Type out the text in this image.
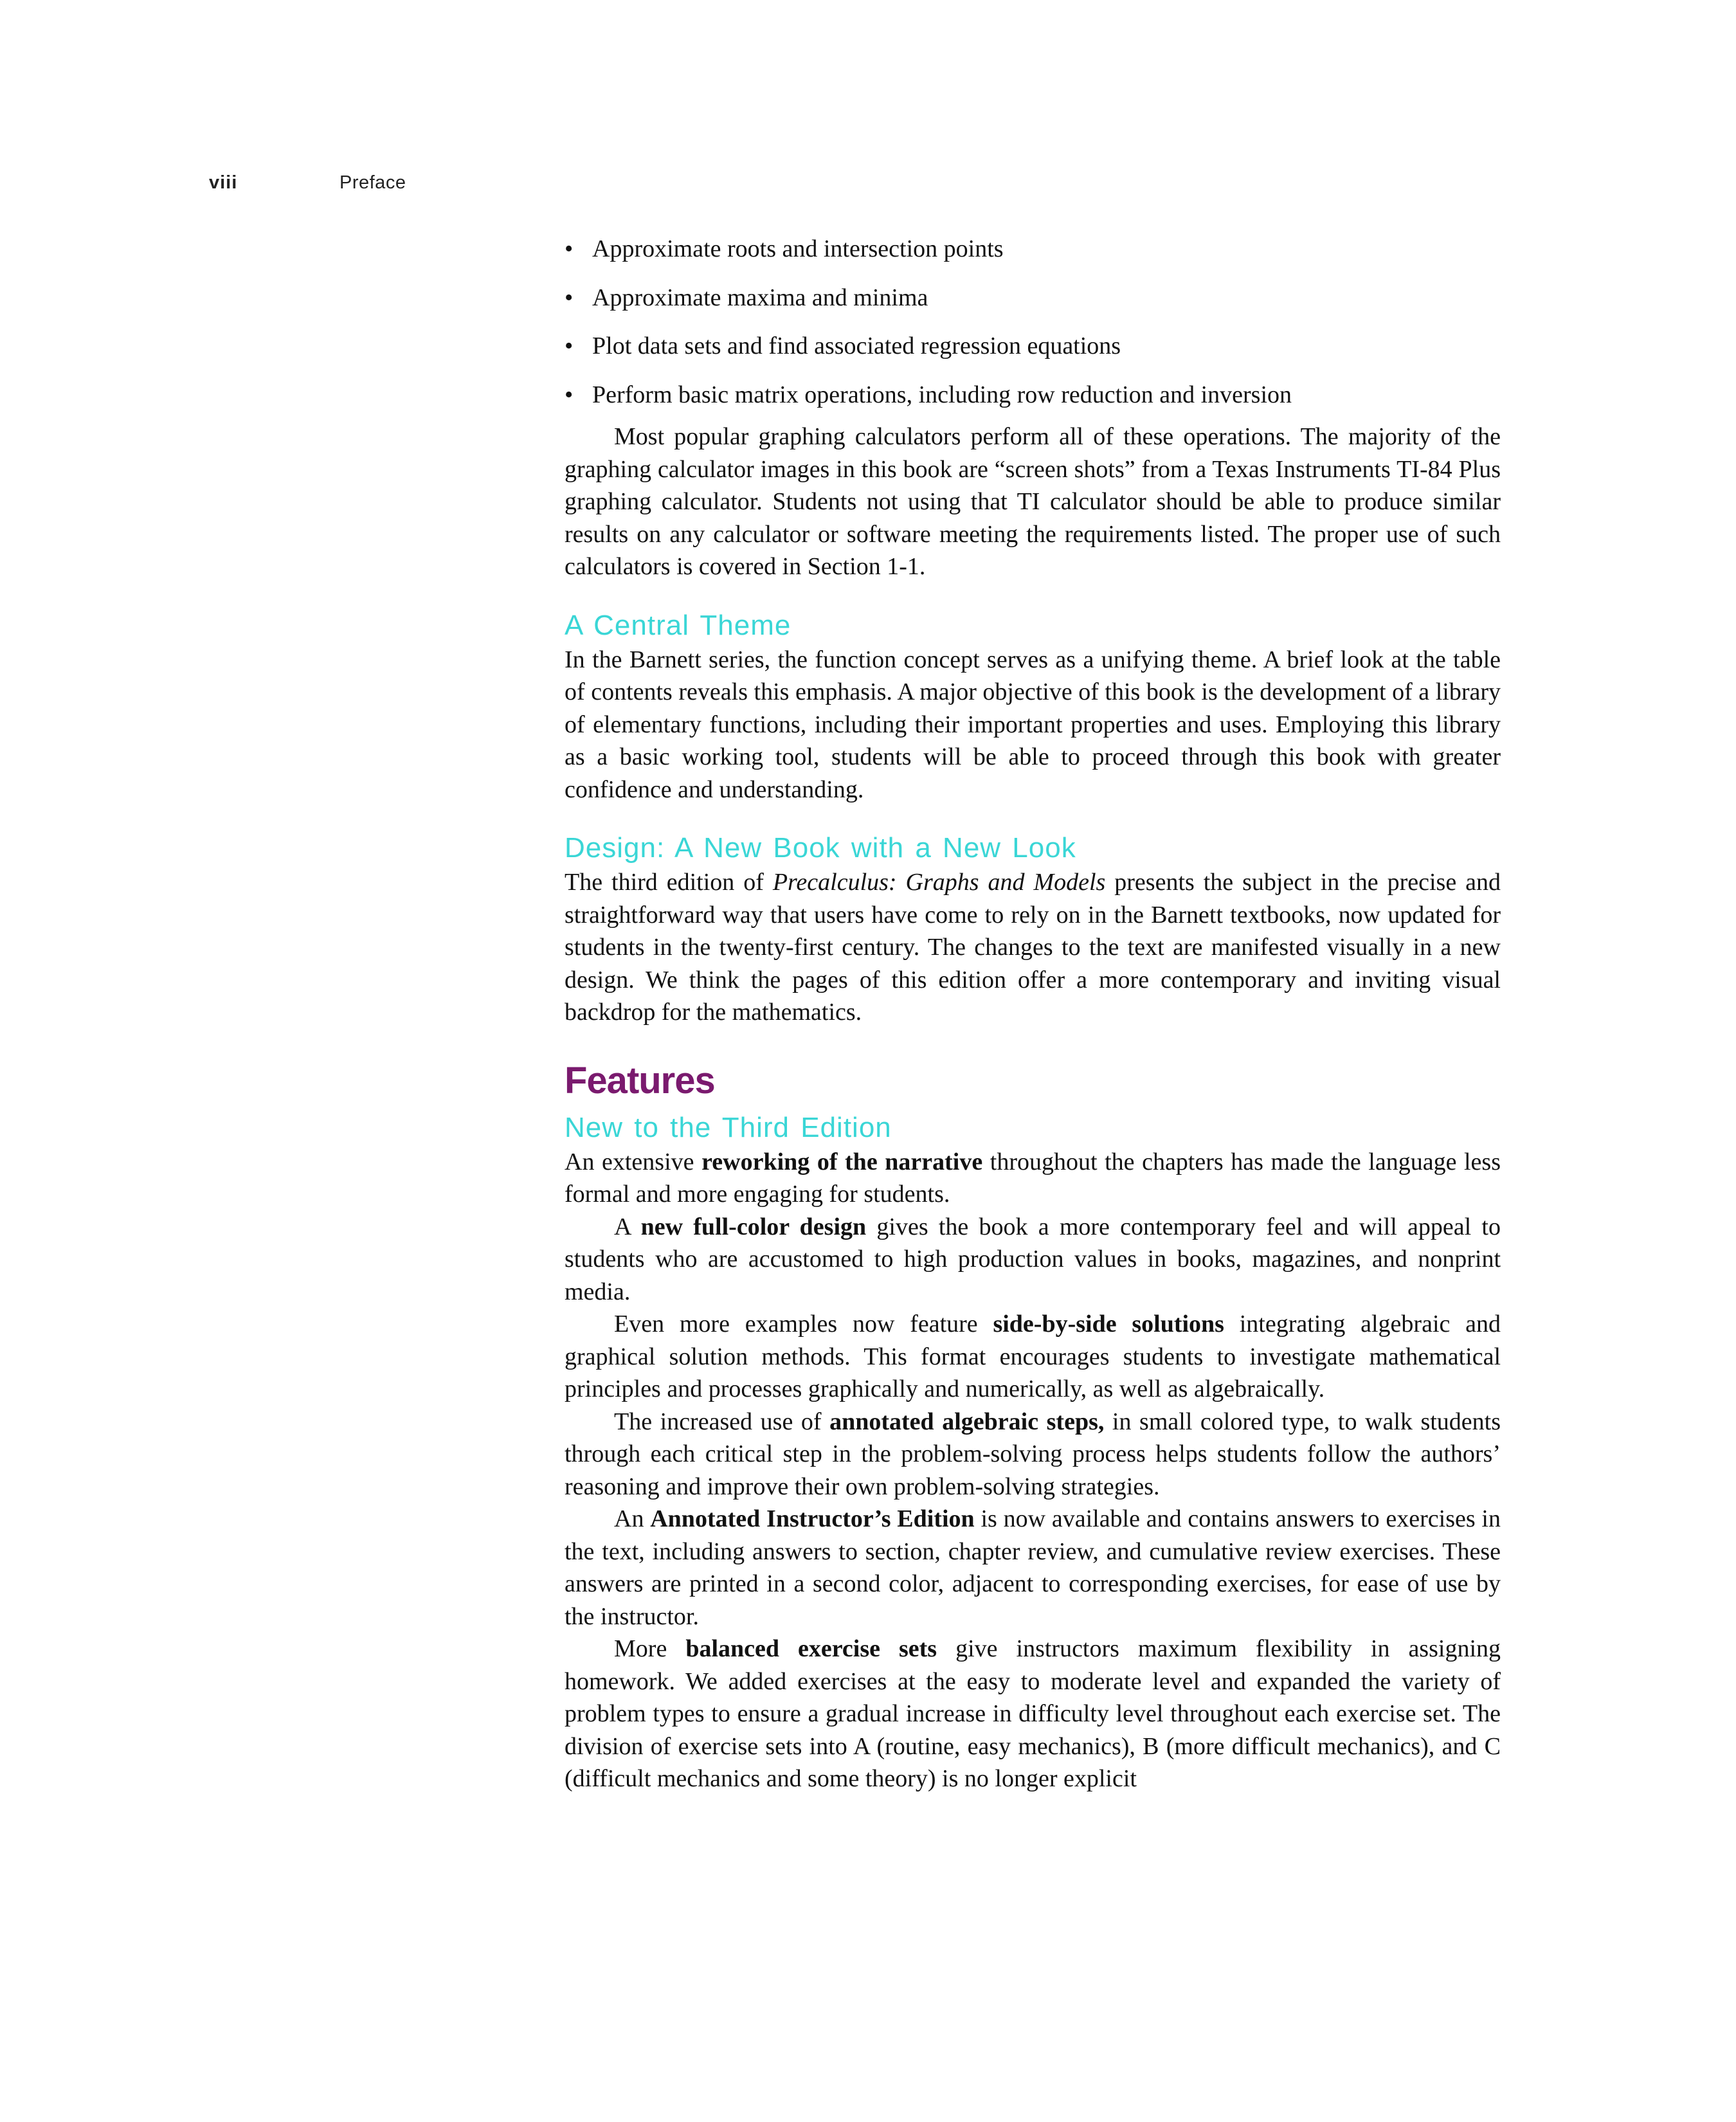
viii	Preface
• Approximate roots and intersection points
• Approximate maxima and minima
• Plot data sets and find associated regression equations
• Perform basic matrix operations, including row reduction and inversion

Most popular graphing calculators perform all of these operations. The majority of the graphing calculator images in this book are “screen shots” from a Texas Instruments TI-84 Plus graphing calculator. Students not using that TI calculator should be able to produce similar results on any calculator or software meeting the requirements listed. The proper use of such calculators is covered in Section 1-1.

A Central Theme

In the Barnett series, the function concept serves as a unifying theme. A brief look at the table of contents reveals this emphasis. A major objective of this book is the development of a library of elementary functions, including their important properties and uses. Employing this library as a basic working tool, students will be able to proceed through this book with greater confidence and understanding.

Design: A New Book with a New Look

The third edition of Precalculus: Graphs and Models presents the subject in the precise and straightforward way that users have come to rely on in the Barnett textbooks, now updated for students in the twenty-first century. The changes to the text are manifested visually in a new design. We think the pages of this edition offer a more contemporary and inviting visual backdrop for the mathematics.

Features
New to the Third Edition

An extensive reworking of the narrative throughout the chapters has made the language less formal and more engaging for students.

A new full-color design gives the book a more contemporary feel and will appeal to students who are accustomed to high production values in books, magazines, and nonprint media.

Even more examples now feature side-by-side solutions integrating algebraic and graphical solution methods. This format encourages students to investigate mathematical principles and processes graphically and numerically, as well as algebraically.

The increased use of annotated algebraic steps, in small colored type, to walk students through each critical step in the problem-solving process helps students follow the authors’ reasoning and improve their own problem-solving strategies.

An Annotated Instructor’s Edition is now available and contains answers to exercises in the text, including answers to section, chapter review, and cumulative review exercises. These answers are printed in a second color, adjacent to corresponding exercises, for ease of use by the instructor.

More balanced exercise sets give instructors maximum flexibility in assigning homework. We added exercises at the easy to moderate level and expanded the variety of problem types to ensure a gradual increase in difficulty level throughout each exercise set. The division of exercise sets into A (routine, easy mechanics), B (more difficult mechanics), and C (difficult mechanics and some theory) is no longer explicit
